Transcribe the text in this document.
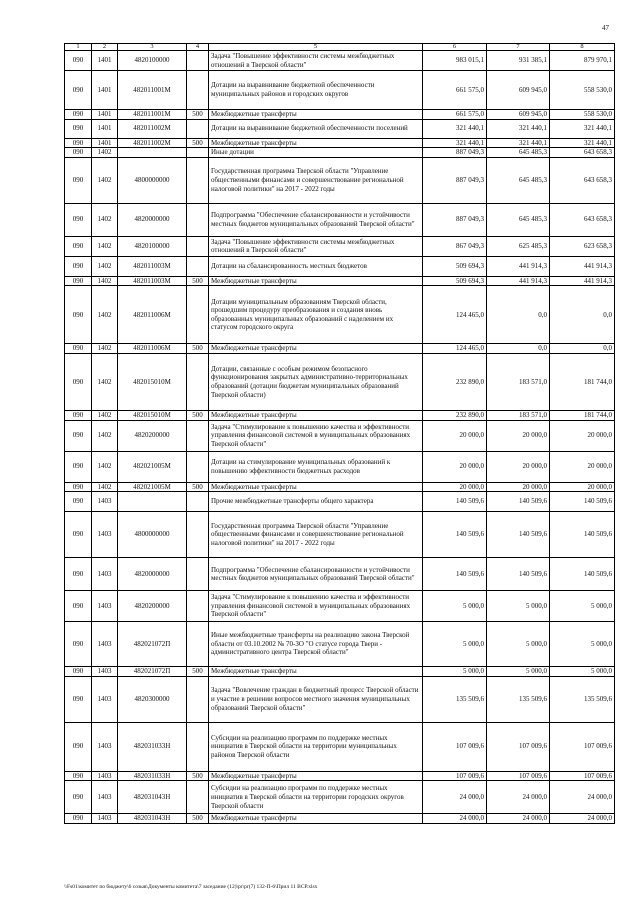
47
1	2	3	4	5	6	7	8
090	1401	4820100000		Задача "Повышение эффективности системы межбюджетных отношений в Тверской области"	983 015,1	931 385,1	879 970,1
090	1401	482011001М		Дотации на выравнивание бюджетной обеспеченности муниципальных районов и городских округов	661 575,0	609 945,0	558 530,0
090	1401	482011001М	500	Межбюджетные трансферты	661 575,0	609 945,0	558 530,0
090	1401	482011002М		Дотации на выравнивание бюджетной обеспеченности поселений	321 440,1	321 440,1	321 440,1
090	1401	482011002М	500	Межбюджетные трансферты	321 440,1	321 440,1	321 440,1
090	1402			Иные дотации	887 049,3	645 485,3	643 658,3
090	1402	4800000000		Государственная программа Тверской области "Управление общественными финансами и совершенствование региональной налоговой политики" на 2017 - 2022 годы	887 049,3	645 485,3	643 658,3
090	1402	4820000000		Подпрограмма "Обеспечение сбалансированности и устойчивости местных бюджетов муниципальных образований Тверской области"	887 049,3	645 485,3	643 658,3
090	1402	4820100000		Задача "Повышение эффективности системы межбюджетных отношений в Тверской области"	867 049,3	625 485,3	623 658,3
090	1402	482011003М		Дотации на сбалансированность местных бюджетов	509 694,3	441 914,3	441 914,3
090	1402	482011003М	500	Межбюджетные трансферты	509 694,3	441 914,3	441 914,3
090	1402	482011006М		Дотации муниципальным образованиям Тверской области, прошедшим процедуру преобразования и создания вновь образованных муниципальных образований с наделением их статусом городского округа	124 465,0	0,0	0,0
090	1402	482011006М	500	Межбюджетные трансферты	124 465,0	0,0	0,0
090	1402	482015010М		Дотации, связанные с особым режимом безопасного функционирования закрытых административно-территориальных образований (дотации бюджетам муниципальных образований Тверской области)	232 890,0	183 571,0	181 744,0
090	1402	482015010М	500	Межбюджетные трансферты	232 890,0	183 571,0	181 744,0
090	1402	4820200000		Задача "Стимулирование к повышению качества и эффективности управления финансовой системой в муниципальных образованиях Тверской области"	20 000,0	20 000,0	20 000,0
090	1402	482021005М		Дотации на стимулирование муниципальных образований к повышению эффективности бюджетных расходов	20 000,0	20 000,0	20 000,0
090	1402	482021005М	500	Межбюджетные трансферты	20 000,0	20 000,0	20 000,0
090	1403			Прочие межбюджетные трансферты общего характера	140 509,6	140 509,6	140 509,6
090	1403	4800000000		Государственная программа Тверской области "Управление общественными финансами и совершенствование региональной налоговой политики" на 2017 - 2022 годы	140 509,6	140 509,6	140 509,6
090	1403	4820000000		Подпрограмма "Обеспечение сбалансированности и устойчивости местных бюджетов муниципальных образований Тверской области"	140 509,6	140 509,6	140 509,6
090	1403	4820200000		Задача "Стимулирование к повышению качества и эффективности управления финансовой системой в муниципальных образованиях Тверской области"	5 000,0	5 000,0	5 000,0
090	1403	482021072П		Иные межбюджетные трансферты на реализацию закона Тверской области от 03.10.2002 № 70-ЗО "О статусе города Твери - административного центра Тверской области"	5 000,0	5 000,0	5 000,0
090	1403	482021072П	500	Межбюджетные трансферты	5 000,0	5 000,0	5 000,0
090	1403	4820300000		Задача "Вовлечение граждан в бюджетный процесс Тверской области и участие в решении вопросов местного значения муниципальных образований Тверской области"	135 509,6	135 509,6	135 509,6
090	1403	482031033Н		Субсидии на реализацию программ по поддержке местных инициатив в Тверской области на территории муниципальных районов Тверской области	107 009,6	107 009,6	107 009,6
090	1403	482031033Н	500	Межбюджетные трансферты	107 009,6	107 009,6	107 009,6
090	1403	482031043Н		Субсидии на реализацию программ по поддержке местных инициатив в Тверской области на территории городских округов Тверской области	24 000,0	24 000,0	24 000,0
090	1403	482031043Н	500	Межбюджетные трансферты	24 000,0	24 000,0	24 000,0
\\Fs01\комитет по бюджету\6 созыв\Документы комитета\7 заседание (12)\pr\pr(7) 132-П-6\Прил 11 ВСР.xlsx
